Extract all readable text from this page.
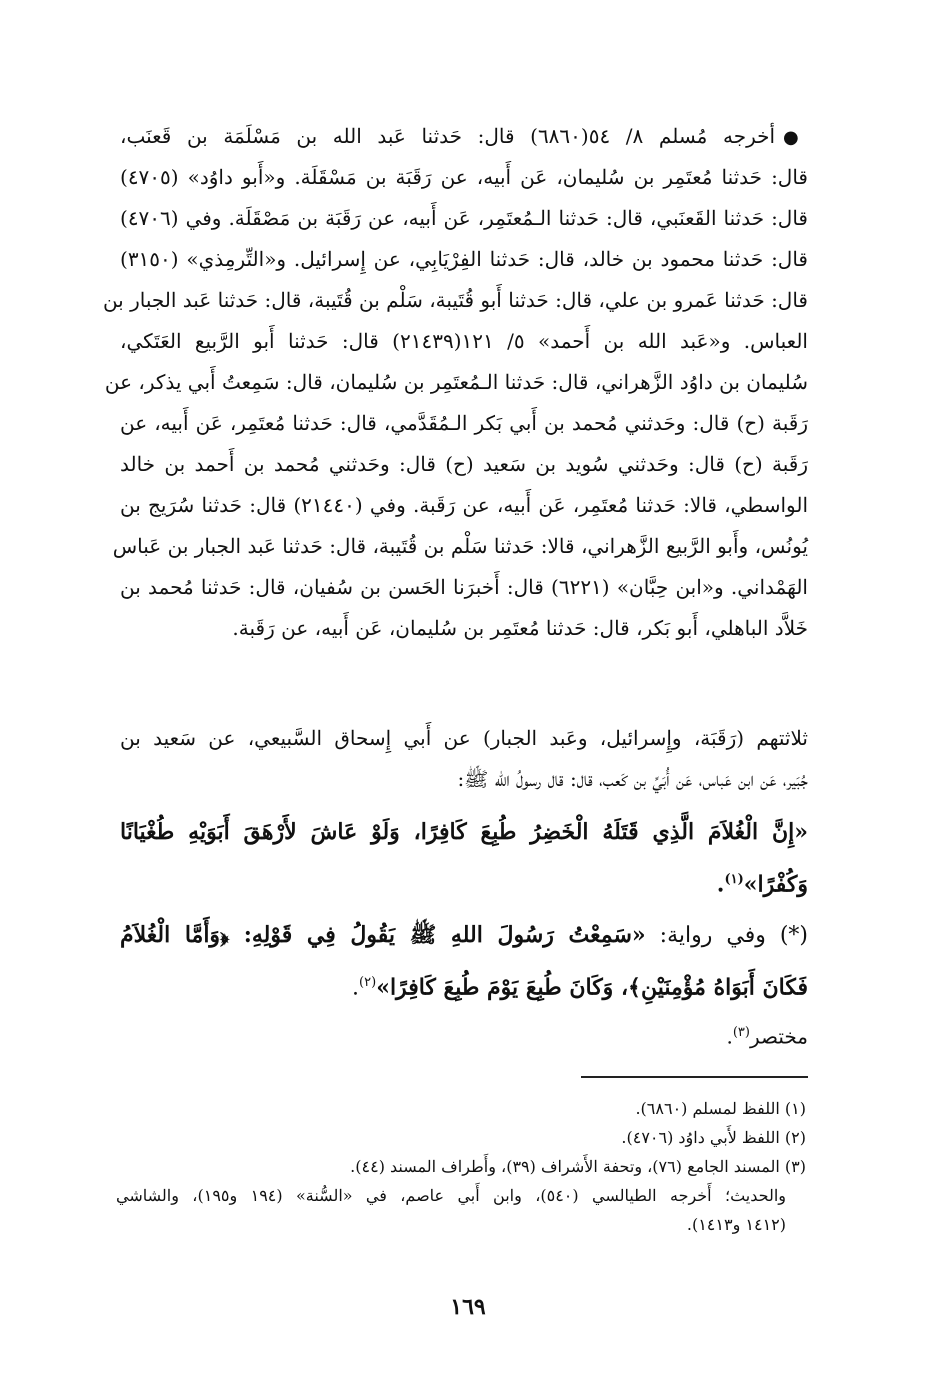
●أخرجه مُسلم ٨/ ٥٤(٦٨٦٠) قال: حَدثنا عَبد الله بن مَسْلَمَة بن قَعنَب،
قال: حَدثنا مُعتَمِر بن سُليمان، عَن أَبيه، عن رَقَبَة بن مَسْقَلَة. و«أَبو داوُد» (٤٧٠٥)
قال: حَدثنا القَعنَبي، قال: حَدثنا الـمُعتَمِر، عَن أَبيه، عن رَقَبَة بن مَصْقَلَة. وفي (٤٧٠٦)
قال: حَدثنا محمود بن خالد، قال: حَدثنا الفِرْيَابِي، عن إِسرائيل. و«التِّرمِذي» (٣١٥٠)
قال: حَدثنا عَمرو بن علي، قال: حَدثنا أَبو قُتَيبة، سَلْم بن قُتَيبة، قال: حَدثنا عَبد الجبار بن
العباس. و«عَبد الله بن أَحمد» ٥/ ١٢١(٢١٤٣٩) قال: حَدثنا أَبو الرَّبيع العَتَكي،
سُليمان بن داوُد الزَّهراني، قال: حَدثنا الـمُعتَمِر بن سُليمان، قال: سَمِعتُ أَبي يذكر، عن
رَقَبة (ح) قال: وحَدثني مُحمد بن أَبي بَكر الـمُقَدَّمي، قال: حَدثنا مُعتَمِر، عَن أَبيه، عن
رَقَبة (ح) قال: وحَدثني سُويد بن سَعيد (ح) قال: وحَدثني مُحمد بن أَحمد بن خالد
الواسطي، قالا: حَدثنا مُعتَمِر، عَن أَبيه، عن رَقَبة. وفي (٢١٤٤٠) قال: حَدثنا سُرَيج بن
يُونُس، وأَبو الرَّبيع الزَّهراني، قالا: حَدثنا سَلْم بن قُتَيبة، قال: حَدثنا عَبد الجبار بن عَباس
الهَمْداني. و«ابن حِبَّان» (٦٢٢١) قال: أَخبرَنا الحَسن بن سُفيان، قال: حَدثنا مُحمد بن
خَلاَّد الباهلي، أَبو بَكر، قال: حَدثنا مُعتَمِر بن سُليمان، عَن أَبيه، عن رَقَبة.
ثلاثتهم (رَقَبَة، وإِسرائيل، وعَبد الجبار) عن أَبي إِسحاق السَّبيعي، عن سَعيد بن
جُبَير، عَن ابن عَباس، عَن أُبَيِّ بن كَعب، قال: قال رسولُ الله ﷺ:
«إِنَّ الْغُلاَمَ الَّذِي قَتَلَهُ الْخَضِرُ طُبِعَ كَافِرًا، وَلَوْ عَاشَ لأَرْهَقَ أَبَوَيْهِ طُغْيَانًا
وَكُفْرًا»$^{(١)}$.
(*) وفي رواية: «سَمِعْتُ رَسُولَ اللهِ ﷺ يَقُولُ فِي قَوْلِهِ: ﴿وَأَمَّا الْغُلاَمُ
فَكَانَ أَبَوَاهُ مُؤْمِنَيْنِ﴾، وَكَانَ طُبِعَ يَوْمَ طُبِعَ كَافِرًا»$^{(٢)}$.
مختصر$^{(٣)}$.
(١) اللفظ لمسلم (٦٨٦٠).
(٢) اللفظ لأَبي داوُد (٤٧٠٦).
(٣) المسند الجامع (٧٦)، وتحفة الأَشراف (٣٩)، وأَطراف المسند (٤٤).
والحديث؛ أَخرجه الطيالسي (٥٤٠)، وابن أَبي عاصم، في «السُّنة» (١٩٤ و١٩٥)، والشاشي
(١٤١٢ و١٤١٣).
١٦٩
